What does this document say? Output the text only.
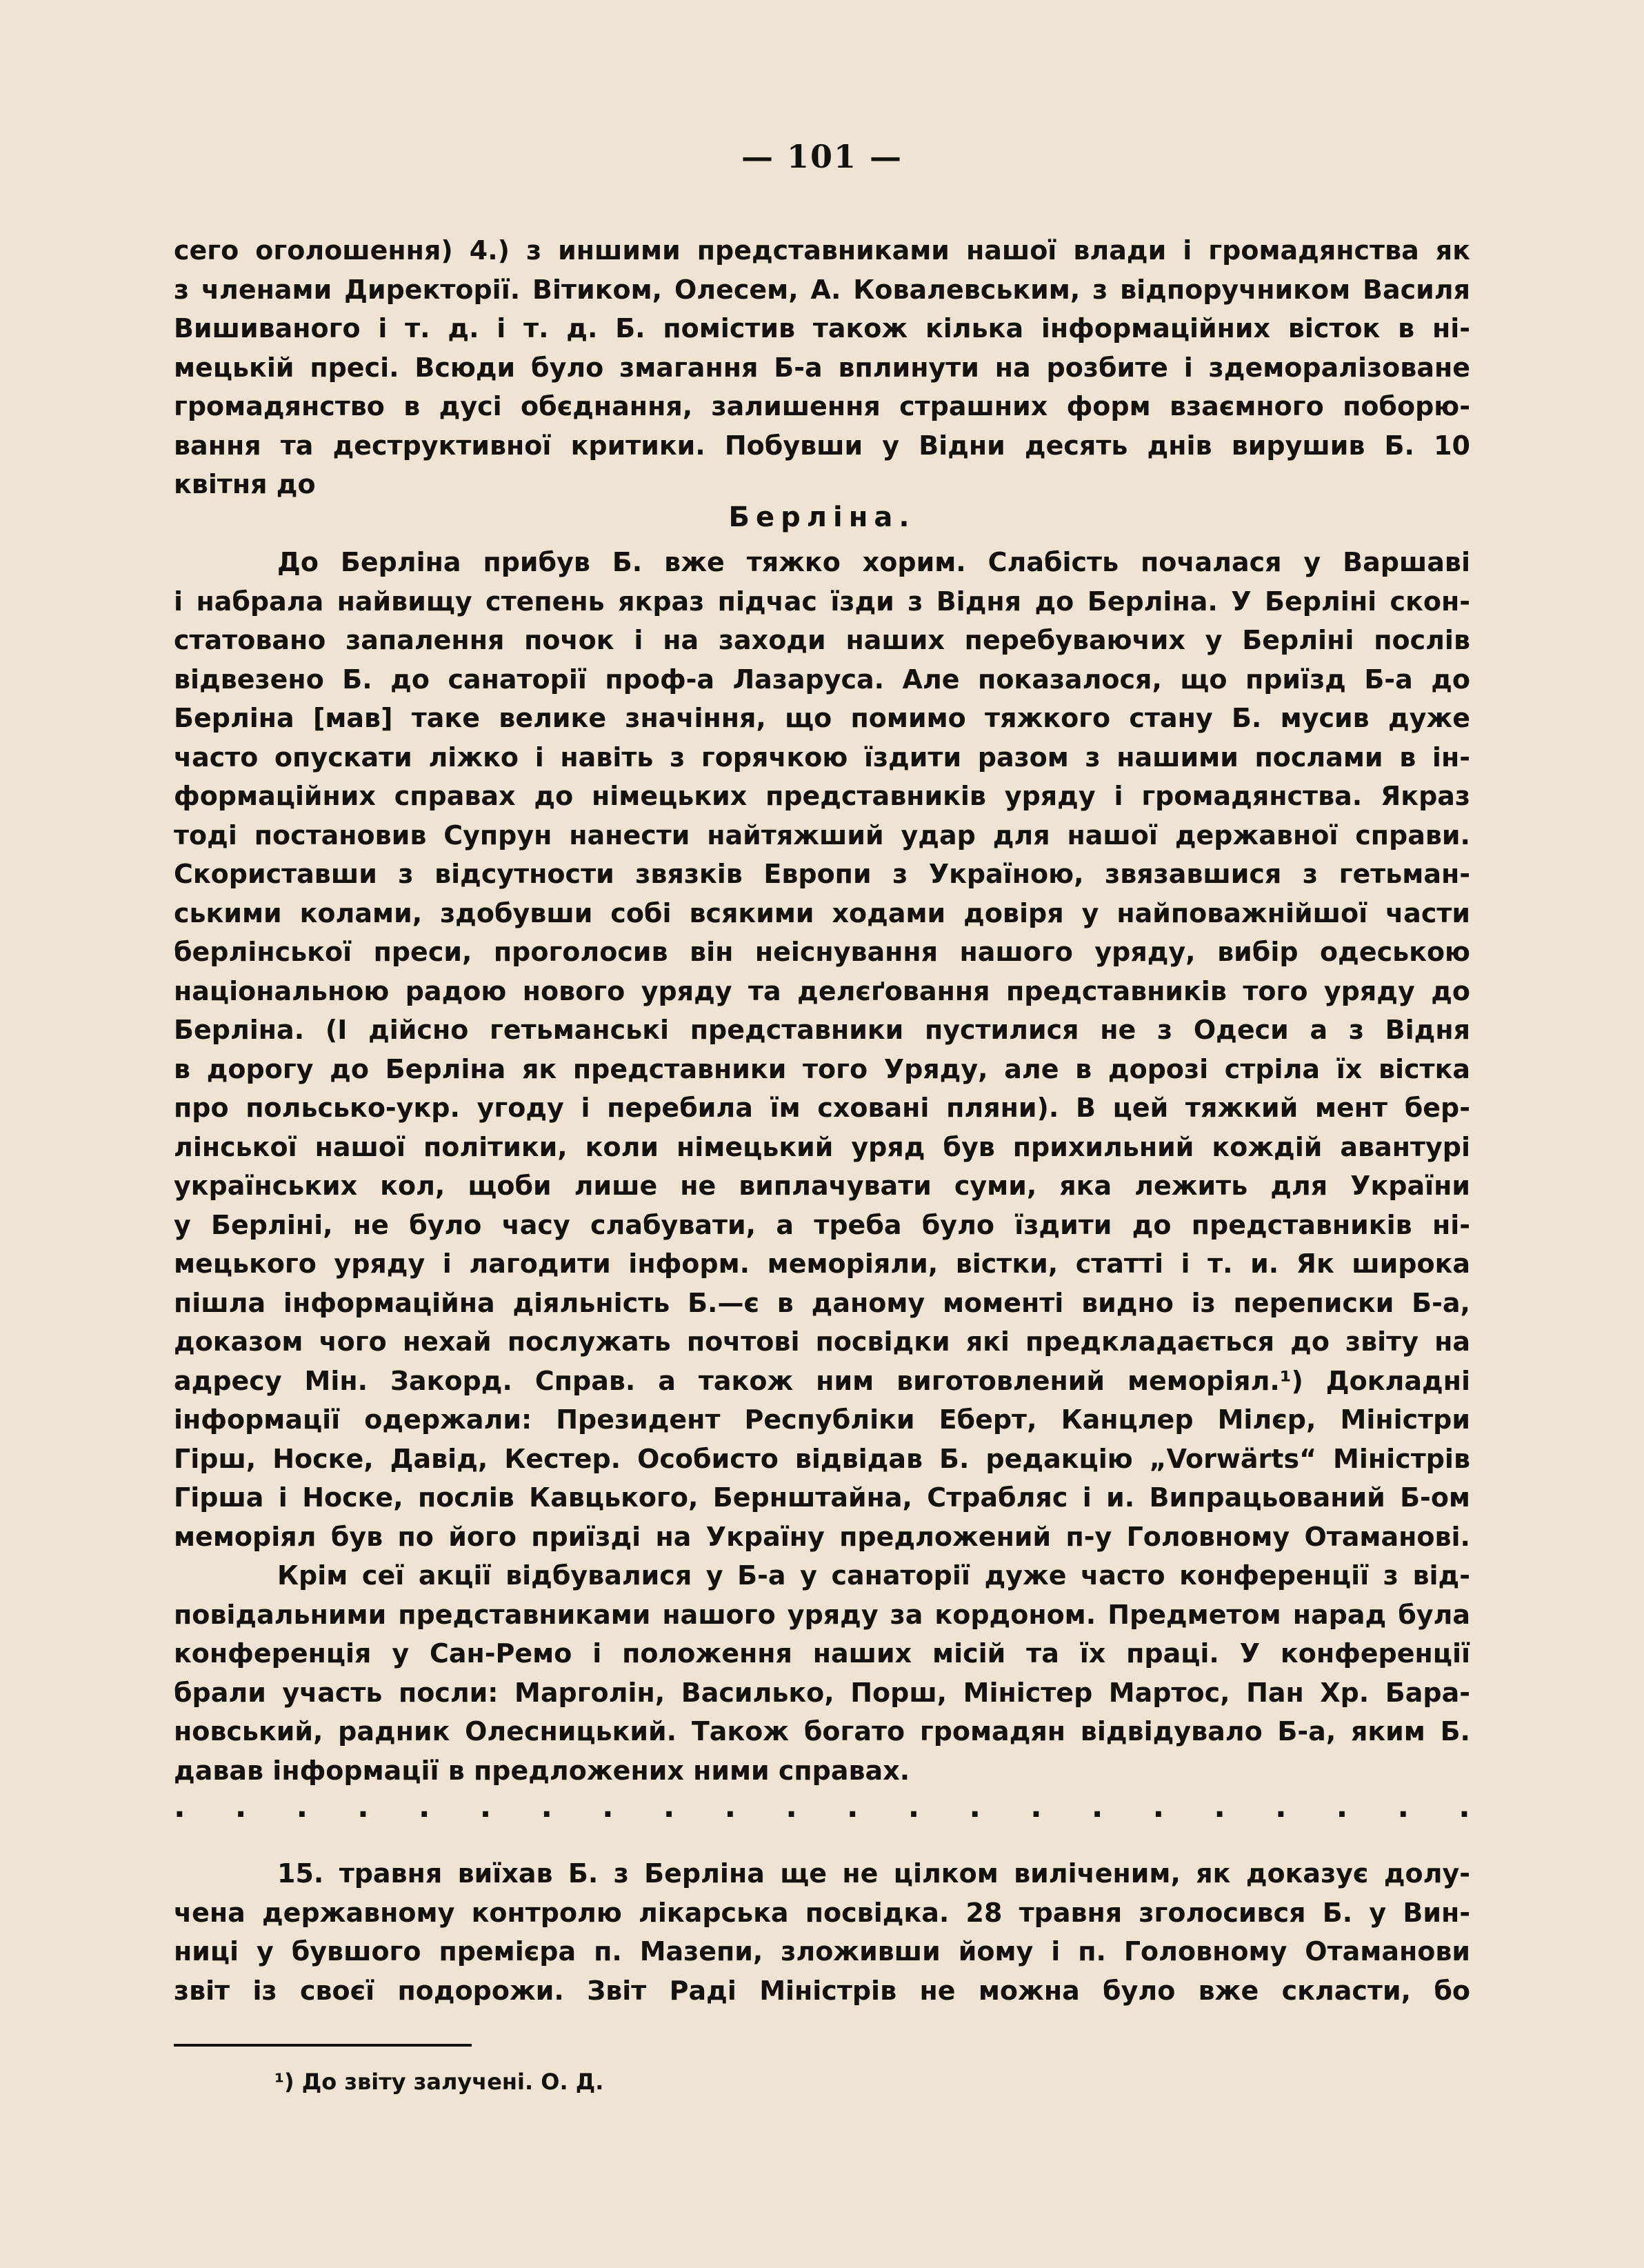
— 101 —
сего оголошення) 4.) з иншими представниками нашої влади і громадянства як
з членами Директорії. Вітиком, Олесем, А. Ковалевським, з відпоручником Василя
Вишиваного і т. д. і т. д. Б. помістив також кілька інформаційних вісток в ні-
мецькій пресі. Всюди було змагання Б-а вплинути на розбите і здеморалізоване
громадянство в дусі обєднання, залишення страшних форм взаємного поборю-
вання та деструктивної критики. Побувши у Відни десять днів вирушив Б. 10
квітня до
Берліна.
До Берліна прибув Б. вже тяжко хорим. Слабість почалася у Варшаві
і набрала найвищу степень якраз підчас їзди з Відня до Берліна. У Берліні скон-
статовано запалення почок і на заходи наших перебуваючих у Берліні послів
відвезено Б. до санаторії проф-а Лазаруса. Але показалося, що приїзд Б-а до
Берліна [мав] таке велике значіння, що помимо тяжкого стану Б. мусив дуже
часто опускати ліжко і навіть з горячкою їздити разом з нашими послами в ін-
формаційних справах до німецьких представників уряду і громадянства. Якраз
тоді постановив Супрун нанести найтяжший удар для нашої державної справи.
Скориставши з відсутности звязків Европи з Україною, звязавшися з гетьман-
ськими колами, здобувши собі всякими ходами довіря у найповажнійшої части
берлінської преси, проголосив він неіснування нашого уряду, вибір одеською
національною радою нового уряду та делєґовання представників того уряду до
Берліна. (І дійсно гетьманські представники пустилися не з Одеси а з Відня
в дорогу до Берліна як представники того Уряду, але в дорозі стріла їх вістка
про польсько-укр. угоду і перебила їм сховані пляни). В цей тяжкий мент бер-
лінської нашої політики, коли німецький уряд був прихильний кождій авантурі
українських кол, щоби лише не виплачувати суми, яка лежить для України
у Берліні, не було часу слабувати, а треба було їздити до представників ні-
мецького уряду і лагодити інформ. меморіяли, вістки, статті і т. и. Як широка
пішла інформаційна діяльність Б.—є в даному моменті видно із переписки Б-а,
доказом чого нехай послужать почтові посвідки які предкладається до звіту на
адресу Мін. Закорд. Справ. а також ним виготовлений меморіял.¹) Докладні
інформації одержали: Президент Республіки Еберт, Канцлер Мілєр, Міністри
Гірш, Носке, Давід, Кестер. Особисто відвідав Б. редакцію „Vorwärts“ Міністрів
Гірша і Носке, послів Кавцького, Бернштайна, Страбляс і и. Випрацьований Б-ом
меморіял був по його приїзді на Україну предложений п-у Головному Отаманові.
Крім сеї акції відбувалися у Б-а у санаторії дуже часто конференції з від-
повідальними представниками нашого уряду за кордоном. Предметом нарад була
конференція у Сан-Ремо і положення наших місій та їх праці. У конференції
брали участь посли: Марголін, Василько, Порш, Міністер Мартос, Пан Хр. Бара-
новський, радник Олесницький. Також богато громадян відвідувало Б-а, яким Б.
давав інформації в предложених ними справах.
. . . . . . . . . . . . . . . . . . . . . .
15. травня виїхав Б. з Берліна ще не цілком виліченим, як доказує долу-
чена державному контролю лікарська посвідка. 28 травня зголосився Б. у Вин-
ниці у бувшого премієра п. Мазепи, зложивши йому і п. Головному Отаманови
звіт із своєї подорожи. Звіт Раді Міністрів не можна було вже скласти, бо
¹) До звіту залучені. О. Д.
